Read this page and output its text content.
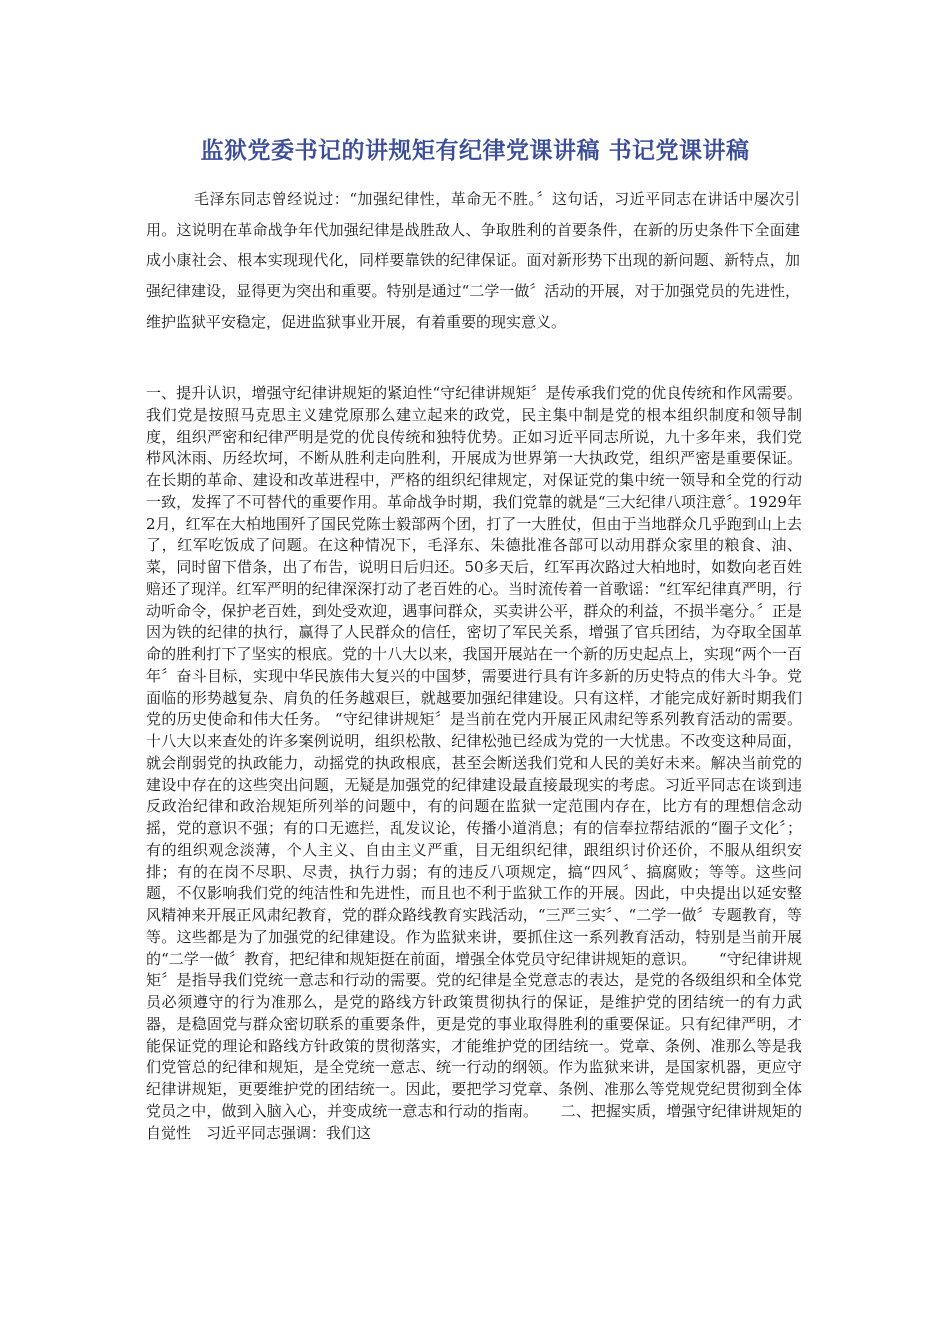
监狱党委书记的讲规矩有纪律党课讲稿 书记党课讲稿

毛泽东同志曾经说过：“加强纪律性，革命无不胜。〞这句话，习近平同志在讲话中屡次引用。这说明在革命战争年代加强纪律是战胜敌人、争取胜利的首要条件，在新的历史条件下全面建成小康社会、根本实现现代化，同样要靠铁的纪律保证。面对新形势下出现的新问题、新特点，加强纪律建设，显得更为突出和重要。特别是通过“二学一做〞活动的开展，对于加强党员的先进性，维护监狱平安稳定，促进监狱事业开展，有着重要的现实意义。

一、提升认识，增强守纪律讲规矩的紧迫性“守纪律讲规矩〞是传承我们党的优良传统和作风需要。我们党是按照马克思主义建党原那么建立起来的政党，民主集中制是党的根本组织制度和领导制度，组织严密和纪律严明是党的优良传统和独特优势。正如习近平同志所说，九十多年来，我们党栉风沐雨、历经坎坷，不断从胜利走向胜利，开展成为世界第一大执政党，组织严密是重要保证。在长期的革命、建设和改革进程中，严格的组织纪律规定，对保证党的集中统一领导和全党的行动一致，发挥了不可替代的重要作用。革命战争时期，我们党靠的就是“三大纪律八项注意〞。1929年2月，红军在大柏地围歼了国民党陈士毅部两个团，打了一大胜仗，但由于当地群众几乎跑到山上去了，红军吃饭成了问题。在这种情况下，毛泽东、朱德批准各部可以动用群众家里的粮食、油、菜，同时留下借条，出了布告，说明日后归还。50多天后，红军再次路过大柏地时，如数向老百姓赔还了现洋。红军严明的纪律深深打动了老百姓的心。当时流传着一首歌谣：“红军纪律真严明，行动听命令，保护老百姓，到处受欢迎，遇事问群众，买卖讲公平，群众的利益，不损半毫分。〞正是因为铁的纪律的执行，赢得了人民群众的信任，密切了军民关系，增强了官兵团结，为夺取全国革命的胜利打下了坚实的根底。党的十八大以来，我国开展站在一个新的历史起点上，实现“两个一百年〞奋斗目标，实现中华民族伟大复兴的中国梦，需要进行具有许多新的历史特点的伟大斗争。党面临的形势越复杂、肩负的任务越艰巨，就越要加强纪律建设。只有这样，才能完成好新时期我们党的历史使命和伟大任务。 “守纪律讲规矩〞是当前在党内开展正风肃纪等系列教育活动的需要。十八大以来查处的许多案例说明，组织松散、纪律松弛已经成为党的一大忧患。不改变这种局面，就会削弱党的执政能力，动摇党的执政根底，甚至会断送我们党和人民的美好未来。解决当前党的建设中存在的这些突出问题，无疑是加强党的纪律建设最直接最现实的考虑。习近平同志在谈到违反政治纪律和政治规矩所列举的问题中，有的问题在监狱一定范围内存在，比方有的理想信念动摇，党的意识不强；有的口无遮拦，乱发议论，传播小道消息；有的信奉拉帮结派的“圈子文化〞；有的组织观念淡薄，个人主义、自由主义严重，目无组织纪律，跟组织讨价还价，不服从组织安排；有的在岗不尽职、尽责，执行力弱；有的违反八项规定，搞“四风〞、搞腐败；等等。这些问题，不仅影响我们党的纯洁性和先进性，而且也不利于监狱工作的开展。因此，中央提出以延安整风精神来开展正风肃纪教育，党的群众路线教育实践活动，“三严三实〞、“二学一做〞专题教育，等等。这些都是为了加强党的纪律建设。作为监狱来讲，要抓住这一系列教育活动，特别是当前开展的“二学一做〞教育，把纪律和规矩挺在前面，增强全体党员守纪律讲规矩的意识。　　“守纪律讲规矩〞是指导我们党统一意志和行动的需要。党的纪律是全党意志的表达，是党的各级组织和全体党员必须遵守的行为准那么，是党的路线方针政策贯彻执行的保证，是维护党的团结统一的有力武器，是稳固党与群众密切联系的重要条件，更是党的事业取得胜利的重要保证。只有纪律严明，才能保证党的理论和路线方针政策的贯彻落实，才能维护党的团结统一。党章、条例、准那么等是我们党管总的纪律和规矩，是全党统一意志、统一行动的纲领。作为监狱来讲，是国家机器，更应守纪律讲规矩，更要维护党的团结统一。因此，要把学习党章、条例、准那么等党规党纪贯彻到全体党员之中，做到入脑入心，并变成统一意志和行动的指南。　　二、把握实质，增强守纪律讲规矩的自觉性　习近平同志强调：我们这
